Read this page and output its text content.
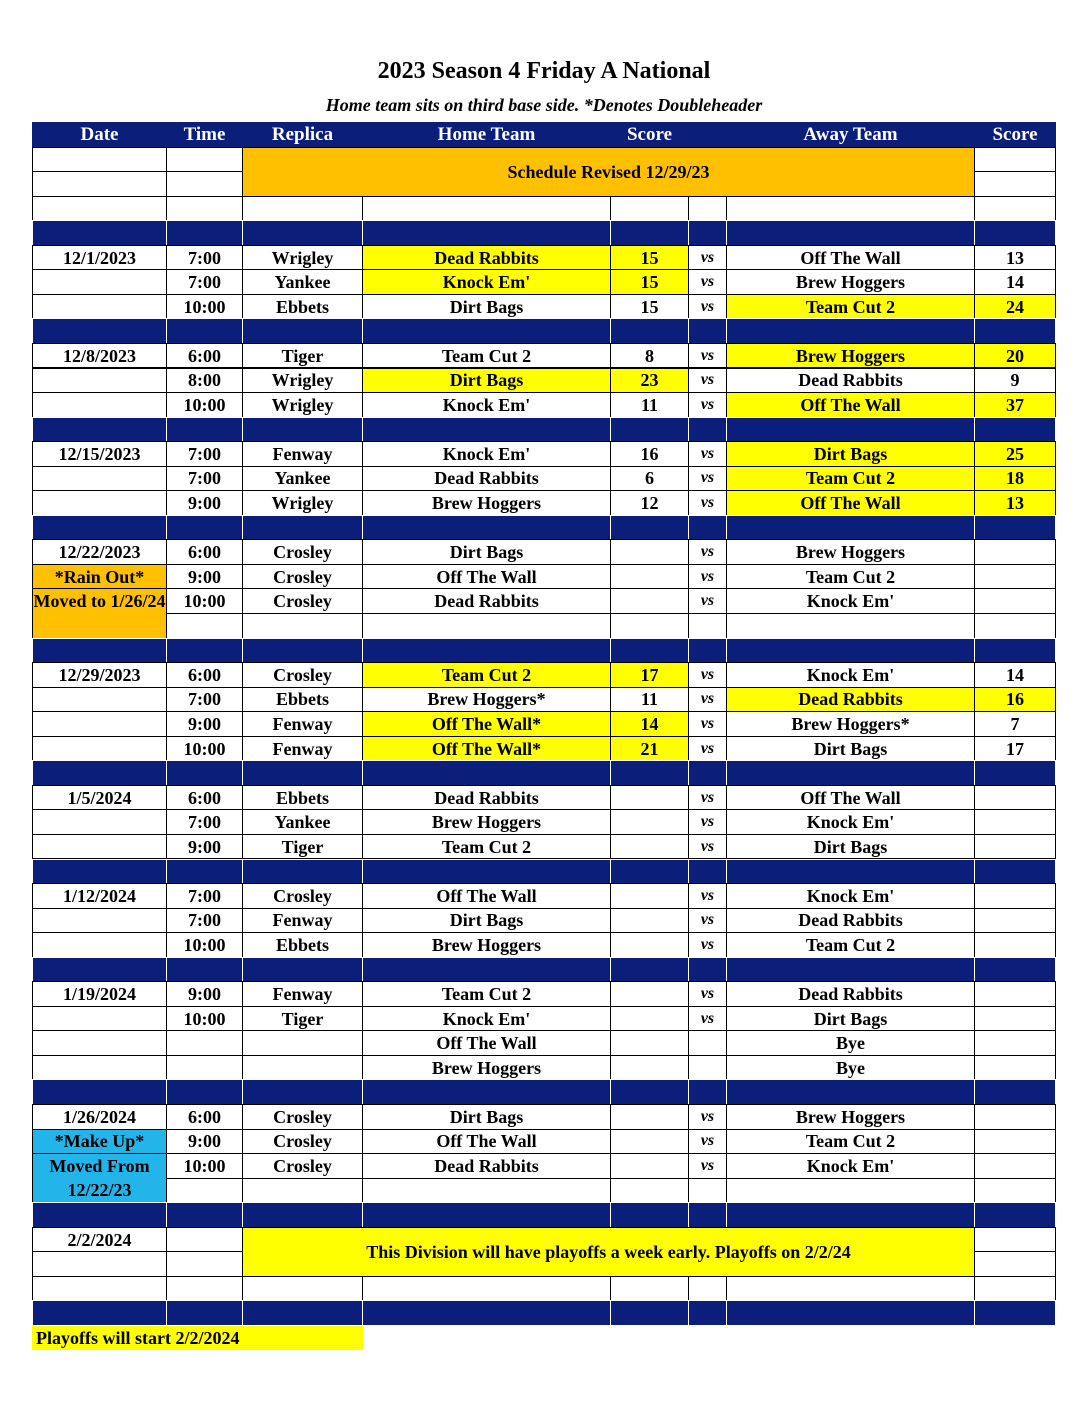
2023 Season 4 Friday A National
Home team sits on third base side. *Denotes Doubleheader
Date	Time	Replica	Home Team	Score	Away Team	Score
Schedule Revised 12/29/23
12/1/2023	7:00	Wrigley	Dead Rabbits	15	vs	Off The Wall	13
7:00	Yankee	Knock Em'	15	vs	Brew Hoggers	14
10:00	Ebbets	Dirt Bags	15	vs	Team Cut 2	24
12/8/2023	6:00	Tiger	Team Cut 2	8	vs	Brew Hoggers	20
8:00	Wrigley	Dirt Bags	23	vs	Dead Rabbits	9
10:00	Wrigley	Knock Em'	11	vs	Off The Wall	37
12/15/2023	7:00	Fenway	Knock Em'	16	vs	Dirt Bags	25
7:00	Yankee	Dead Rabbits	6	vs	Team Cut 2	18
9:00	Wrigley	Brew Hoggers	12	vs	Off The Wall	13
12/22/2023	6:00	Crosley	Dirt Bags	vs	Brew Hoggers
9:00	Crosley	Off The Wall	vs	Team Cut 2
10:00	Crosley	Dead Rabbits	vs	Knock Em'
*Rain Out*
Moved to 1/26/24
12/29/2023	6:00	Crosley	Team Cut 2	17	vs	Knock Em'	14
7:00	Ebbets	Brew Hoggers*	11	vs	Dead Rabbits	16
9:00	Fenway	Off The Wall*	14	vs	Brew Hoggers*	7
10:00	Fenway	Off The Wall*	21	vs	Dirt Bags	17
1/5/2024	6:00	Ebbets	Dead Rabbits	vs	Off The Wall
7:00	Yankee	Brew Hoggers	vs	Knock Em'
9:00	Tiger	Team Cut 2	vs	Dirt Bags
1/12/2024	7:00	Crosley	Off The Wall	vs	Knock Em'
7:00	Fenway	Dirt Bags	vs	Dead Rabbits
10:00	Ebbets	Brew Hoggers	vs	Team Cut 2
1/19/2024	9:00	Fenway	Team Cut 2	vs	Dead Rabbits
10:00	Tiger	Knock Em'	vs	Dirt Bags
Off The Wall	Bye
Brew Hoggers	Bye
1/26/2024	6:00	Crosley	Dirt Bags	vs	Brew Hoggers
9:00	Crosley	Off The Wall	vs	Team Cut 2
10:00	Crosley	Dead Rabbits	vs	Knock Em'
*Make Up*
Moved From 12/22/23
2/2/2024
This Division will have playoffs a week early. Playoffs on 2/2/24
Playoffs will start 2/2/2024
